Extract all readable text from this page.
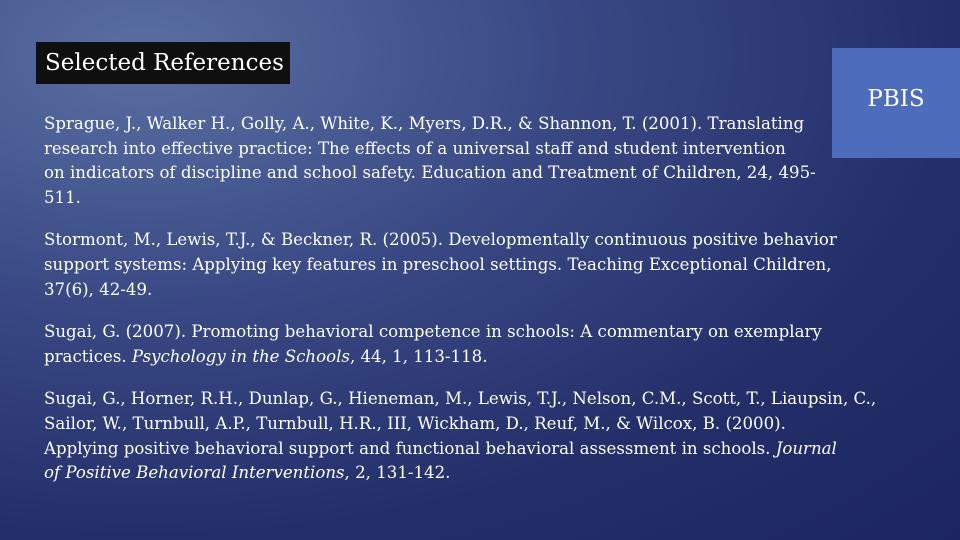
Selected References
PBIS

Sprague, J., Walker H., Golly, A., White, K., Myers, D.R., & Shannon, T. (2001). Translating
research into effective practice: The effects of a universal staff and student intervention
on indicators of discipline and school safety. Education and Treatment of Children, 24, 495-
511.

Stormont, M., Lewis, T.J., & Beckner, R. (2005). Developmentally continuous positive behavior
support systems: Applying key features in preschool settings. Teaching Exceptional Children,
37(6), 42-49.

Sugai, G. (2007). Promoting behavioral competence in schools: A commentary on exemplary
practices. Psychology in the Schools, 44, 1, 113-118.

Sugai, G., Horner, R.H., Dunlap, G., Hieneman, M., Lewis, T.J., Nelson, C.M., Scott, T., Liaupsin, C.,
Sailor, W., Turnbull, A.P., Turnbull, H.R., III, Wickham, D., Reuf, M., & Wilcox, B. (2000).
Applying positive behavioral support and functional behavioral assessment in schools. Journal
of Positive Behavioral Interventions, 2, 131-142.
